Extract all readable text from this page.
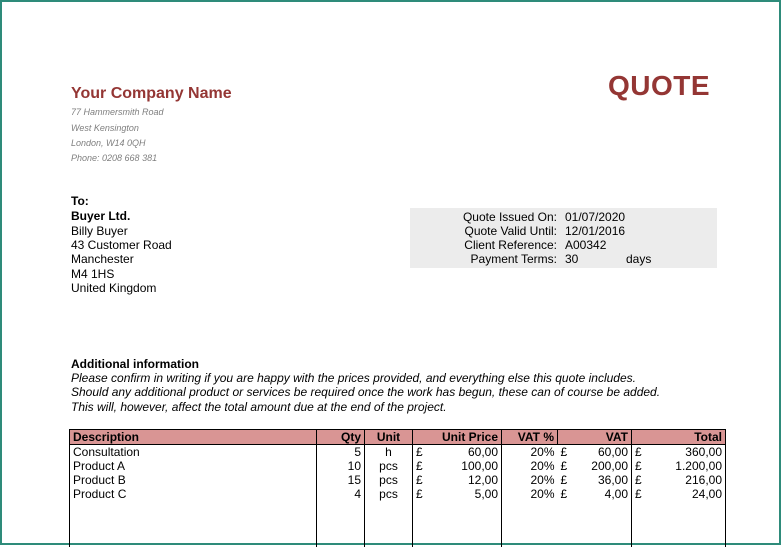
Your Company Name
77 Hammersmith Road
West Kensington
London, W14 0QH
Phone: 0208 668 381
QUOTE
To:
Buyer Ltd.
Billy Buyer
43 Customer Road
Manchester
M4 1HS
United Kingdom
Quote Issued On: 01/07/2020
Quote Valid Until: 12/01/2016
Client Reference: A00342
Payment Terms: 30	days
Additional information
Please confirm in writing if you are happy with the prices provided, and everything else this quote includes.
Should any additional product or services be required once the work has begun, these can of course be added.
This will, however, affect the total amount due at the end of the project.
Description	Qty	Unit	Unit Price		VAT %	VAT		Total	
Consultation	5	h	£	60,00	20%	£	60,00	£	360,00
Product A	10	pcs	£	100,00	20%	£	200,00	£	1.200,00
Product B	15	pcs	£	12,00	20%	£	36,00	£	216,00
Product C	4	pcs	£	5,00	20%	£	4,00	£	24,00
